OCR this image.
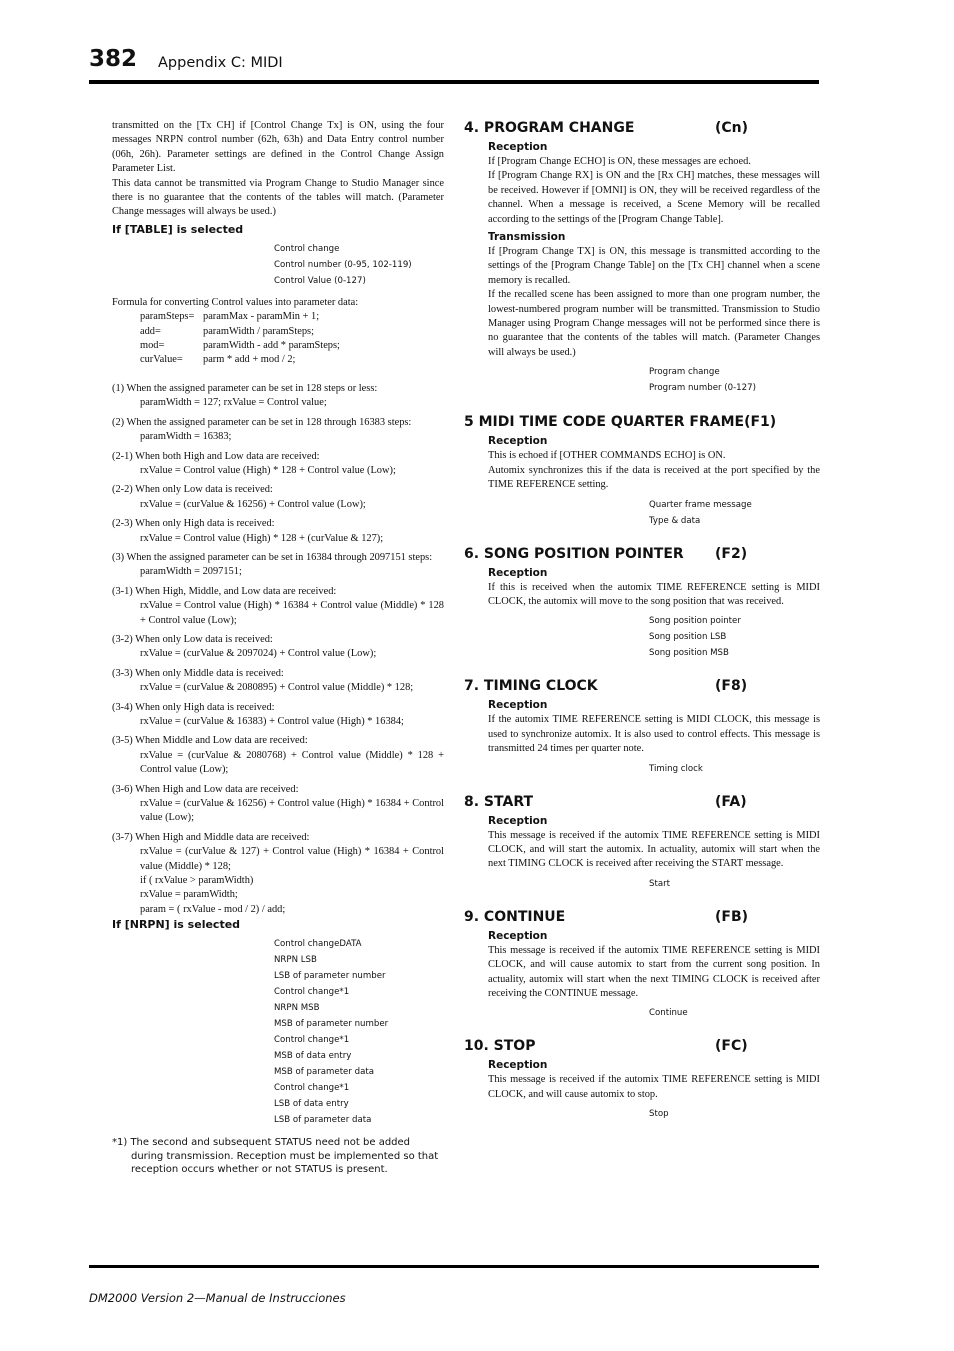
382 Appendix C: MIDI

transmitted on the [Tx CH] if [Control Change Tx] is ON, using the four messages NRPN control number (62h, 63h) and Data Entry control number (06h, 26h). Parameter settings are defined in the Control Change Assign Parameter List.

This data cannot be transmitted via Program Change to Studio Manager since there is no guarantee that the contents of the tables will match. (Parameter Change messages will always be used.)

If [TABLE] is selected
Control change
Control number (0-95, 102-119)
Control Value (0-127)

Formula for converting Control values into parameter data:

paramSteps= paramMax - paramMin + 1;
add=	paramWidth / paramSteps;
mod=	paramWidth - add * paramSteps;
curValue=	parm * add + mod / 2;

(1) When the assigned parameter can be set in 128 steps or less:

paramWidth = 127; rxValue = Control value;

(2) When the assigned parameter can be set in 128 through 16383 steps:

paramWidth = 16383;

(2-1) When both High and Low data are received:

rxValue = Control value (High) * 128 + Control value (Low);

(2-2) When only Low data is received:

rxValue = (curValue & 16256) + Control value (Low);

(2-3) When only High data is received:

rxValue = Control value (High) * 128 + (curValue & 127);

(3) When the assigned parameter can be set in 16384 through 2097151 steps:

paramWidth = 2097151;

(3-1) When High, Middle, and Low data are received:

rxValue = Control value (High) * 16384 + Control value (Middle) * 128 + Control value (Low);

(3-2) When only Low data is received:

rxValue = (curValue & 2097024) + Control value (Low);

(3-3) When only Middle data is received:

rxValue = (curValue & 2080895) + Control value (Middle) * 128;

(3-4) When only High data is received:

rxValue = (curValue & 16383) + Control value (High) * 16384;

(3-5) When Middle and Low data are received:

rxValue = (curValue & 2080768) + Control value (Middle) * 128 + Control value (Low);

(3-6) When High and Low data are received:

rxValue = (curValue & 16256) + Control value (High) * 16384 + Control value (Low);

(3-7) When High and Middle data are received:

rxValue = (curValue & 127) + Control value (High) * 16384 + Control value (Middle) * 128;

if ( rxValue > paramWidth)

rxValue = paramWidth;

param = ( rxValue - mod / 2) / add;

If [NRPN] is selected
Control changeDATA
NRPN LSB
LSB of parameter number
Control change*1
NRPN MSB
MSB of parameter number
Control change*1
MSB of data entry
MSB of parameter data
Control change*1
LSB of data entry
LSB of parameter data
*1) The second and subsequent STATUS need not be added during transmission. Reception must be implemented so that reception occurs whether or not STATUS is present.
4. PROGRAM CHANGE	(Cn)
Reception

If [Program Change ECHO] is ON, these messages are echoed.

If [Program Change RX] is ON and the [Rx CH] matches, these messages will be received. However if [OMNI] is ON, they will be received regardless of the channel. When a message is received, a Scene Memory will be recalled according to the settings of the [Program Change Table].

Transmission

If [Program Change TX] is ON, this message is transmitted according to the settings of the [Program Change Table] on the [Tx CH] channel when a scene memory is recalled.

If the recalled scene has been assigned to more than one program number, the lowest-numbered program number will be transmitted. Transmission to Studio Manager using Program Change messages will not be performed since there is no guarantee that the contents of the tables will match. (Parameter Changes will always be used.)

Program change
Program number (0-127)
5 MIDI TIME CODE QUARTER FRAME(F1)
Reception

This is echoed if [OTHER COMMANDS ECHO] is ON.

Automix synchronizes this if the data is received at the port specified by the TIME REFERENCE setting.

Quarter frame message
Type & data
6. SONG POSITION POINTER (F2)
Reception

If this is received when the automix TIME REFERENCE setting is MIDI CLOCK, the automix will move to the song position that was received.

Song position pointer
Song position LSB
Song position MSB
7. TIMING CLOCK	(F8)
Reception

If the automix TIME REFERENCE setting is MIDI CLOCK, this message is used to synchronize automix. It is also used to control effects. This message is transmitted 24 times per quarter note.

Timing clock
8. START	(FA)
Reception

This message is received if the automix TIME REFERENCE setting is MIDI CLOCK, and will start the automix. In actuality, automix will start when the next TIMING CLOCK is received after receiving the START message.

Start
9. CONTINUE	(FB)
Reception

This message is received if the automix TIME REFERENCE setting is MIDI CLOCK, and will cause automix to start from the current song position. In actuality, automix will start when the next TIMING CLOCK is received after receiving the CONTINUE message.

Continue
10. STOP	(FC)
Reception

This message is received if the automix TIME REFERENCE setting is MIDI CLOCK, and will cause automix to stop.

Stop
DM2000 Version 2—Manual de Instrucciones
